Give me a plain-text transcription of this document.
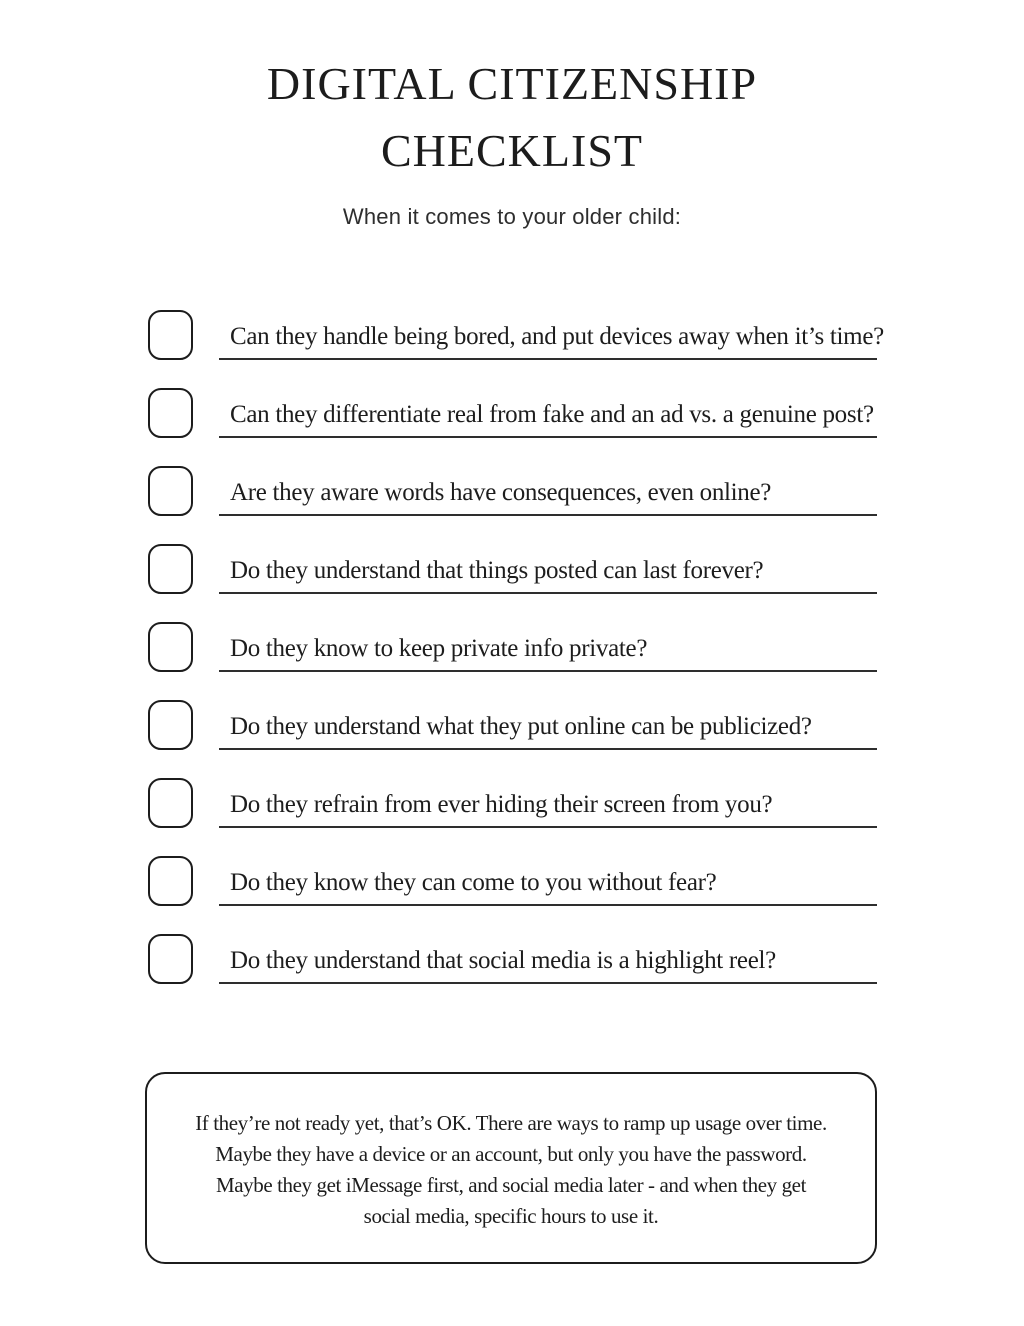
DIGITAL CITIZENSHIP CHECKLIST
When it comes to your older child:
Can they handle being bored, and put devices away when it’s time?
Can they differentiate real from fake and an ad vs. a genuine post?
Are they aware words have consequences, even online?
Do they understand that things posted can last forever?
Do they know to keep private info private?
Do they understand what they put online can be publicized?
Do they refrain from ever hiding their screen from you?
Do they know they can come to you without fear?
Do they understand that social media is a highlight reel?
If they’re not ready yet, that’s OK. There are ways to ramp up usage over time.
Maybe they have a device or an account, but only you have the password.
Maybe they get iMessage first, and social media later - and when they get
social media, specific hours to use it.
